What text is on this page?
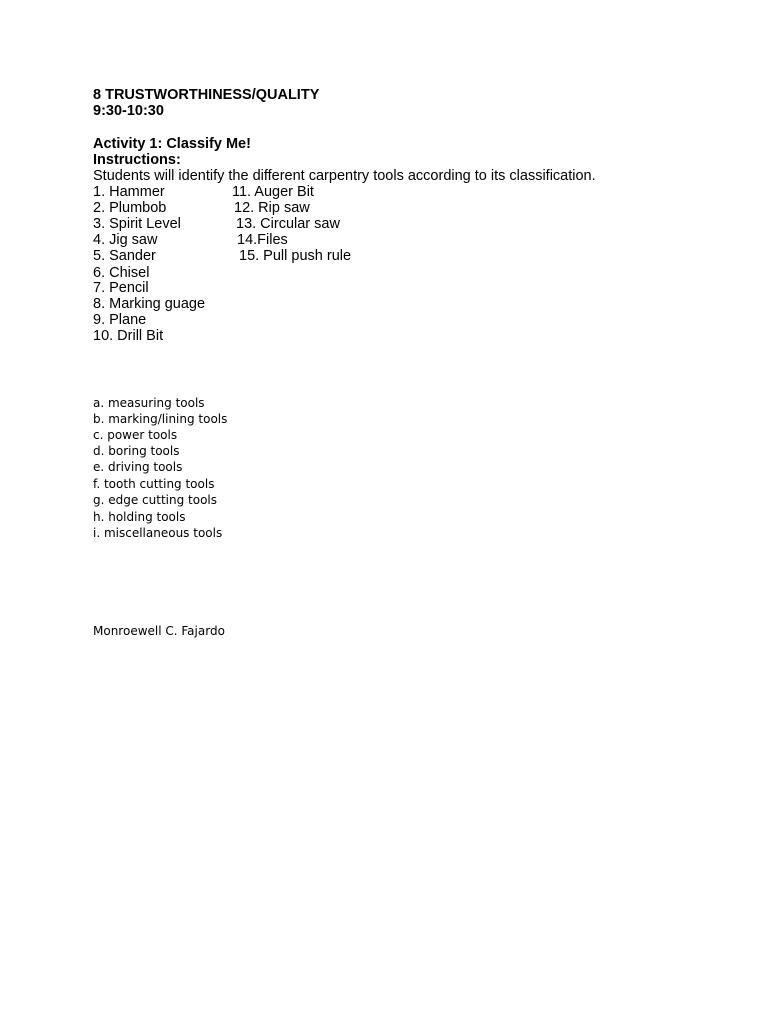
8 TRUSTWORTHINESS/QUALITY
9:30-10:30
Activity 1: Classify Me!
Instructions:
Students will identify the different carpentry tools according to its classification.
1. Hammer
2. Plumbob
3. Spirit Level
4. Jig saw
5. Sander
6. Chisel
7. Pencil
8. Marking guage
9. Plane
10. Drill Bit
11. Auger Bit
12. Rip saw
13. Circular saw
14.Files
15. Pull push rule
a. measuring tools
b. marking/lining tools
c. power tools
d. boring tools
e. driving tools
f. tooth cutting tools
g. edge cutting tools
h. holding tools
i. miscellaneous tools
Monroewell C. Fajardo
